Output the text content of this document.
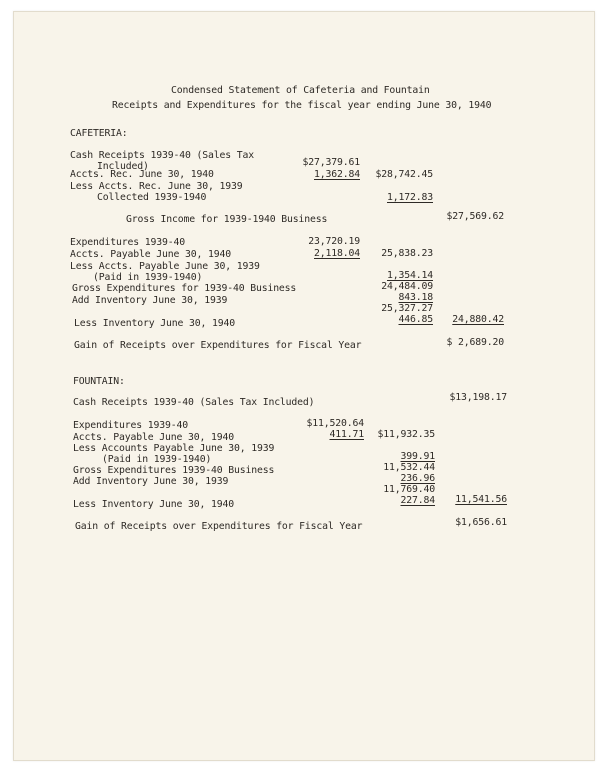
Condensed Statement of Cafeteria and Fountain
Receipts and Expenditures for the fiscal year ending June 30, 1940
CAFETERIA:
Cash Receipts 1939-40 (Sales Tax
Included)	$27,379.61
Accts. Rec. June 30, 1940	1,362.84	$28,742.45
Less Accts. Rec. June 30, 1939
Collected 1939-1940	1,172.83
Gross Income for 1939-1940 Business	$27,569.62
Expenditures 1939-40	23,720.19
Accts. Payable June 30, 1940	2,118.04	25,838.23
Less Accts. Payable June 30, 1939
(Paid in 1939-1940)	1,354.14
Gross Expenditures for 1939-40 Business	24,484.09
Add Inventory June 30, 1939	843.18
25,327.27
Less Inventory June 30, 1940	446.85	24,880.42
Gain of Receipts over Expenditures for Fiscal Year	$ 2,689.20
FOUNTAIN:
Cash Receipts 1939-40 (Sales Tax Included)	$13,198.17
Expenditures 1939-40	$11,520.64
Accts. Payable June 30, 1940	411.71	$11,932.35
Less Accounts Payable June 30, 1939
(Paid in 1939-1940)	399.91
Gross Expenditures 1939-40 Business	11,532.44
Add Inventory June 30, 1939	236.96
11,769.40
Less Inventory June 30, 1940	227.84	11,541.56
Gain of Receipts over Expenditures for Fiscal Year	$1,656.61
